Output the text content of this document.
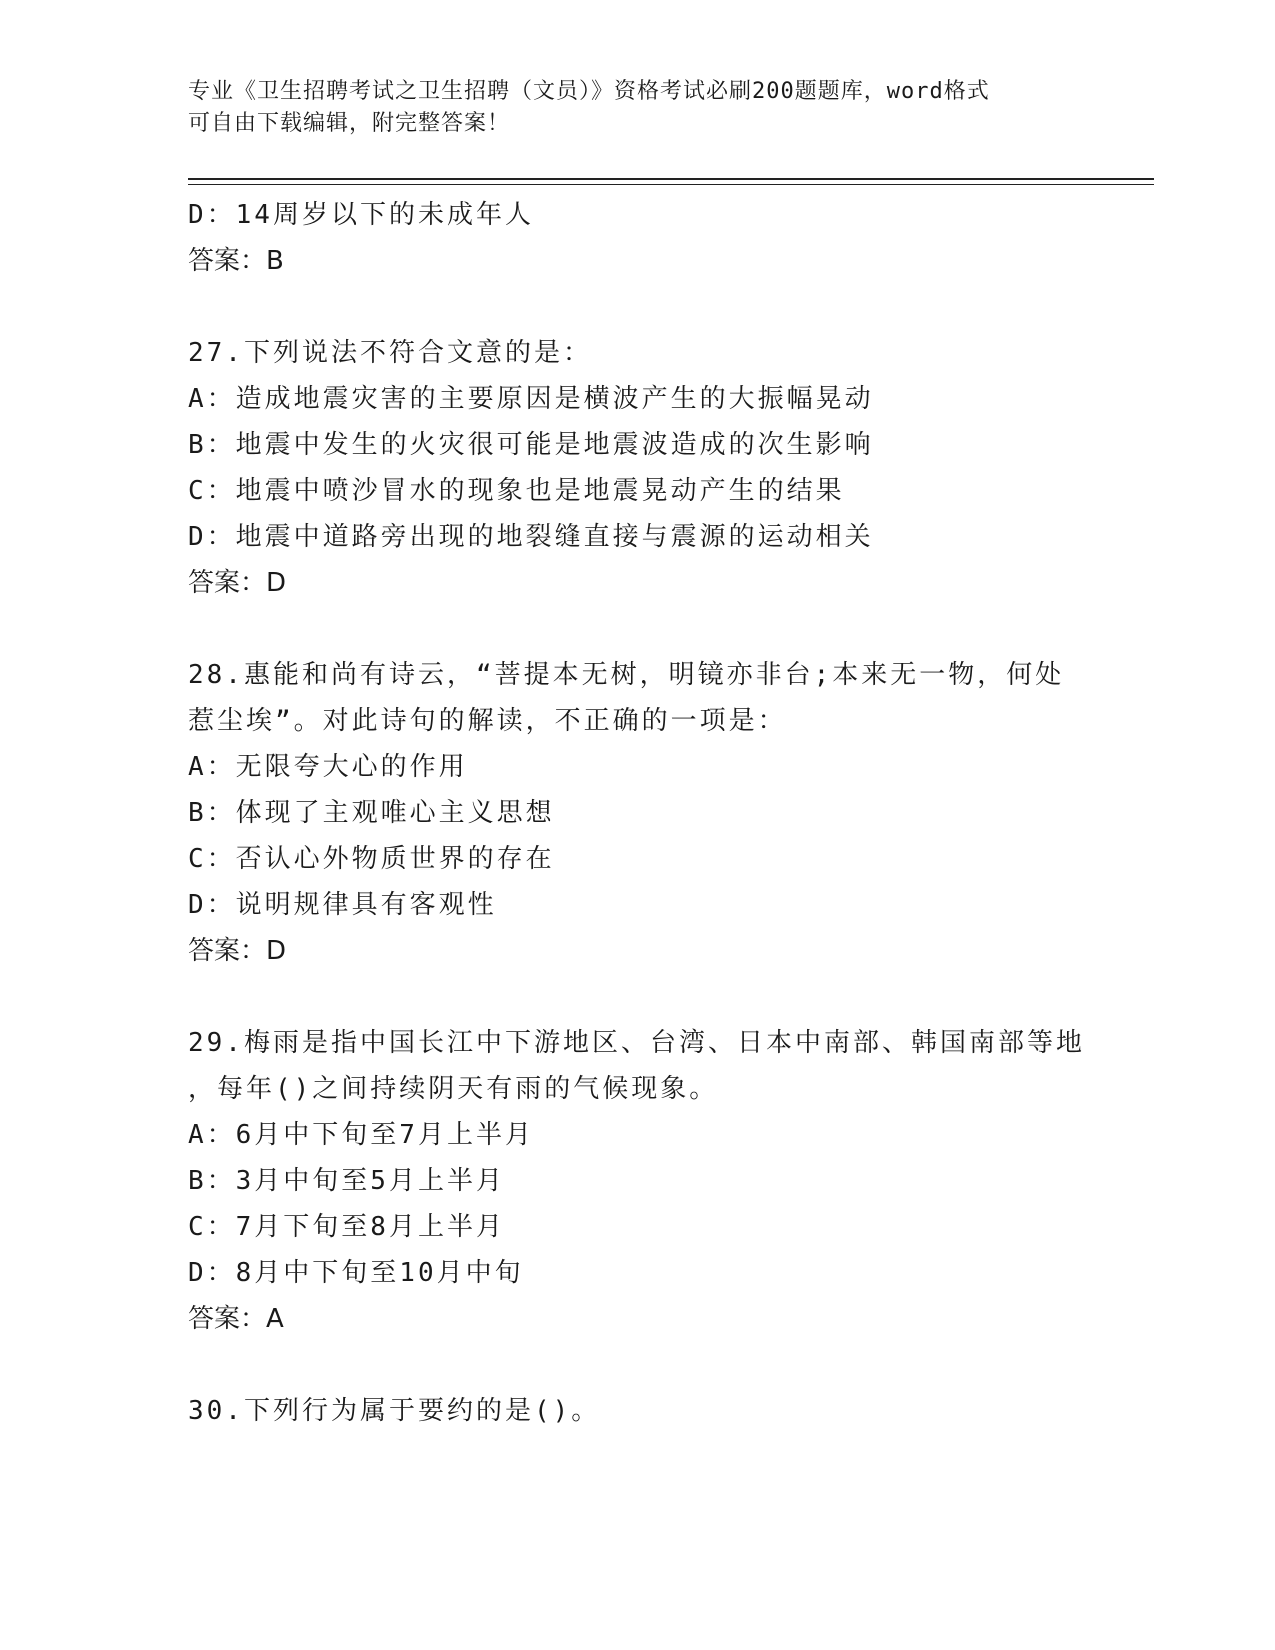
专业《卫生招聘考试之卫生招聘（文员）》资格考试必刷200题题库，word格式
可自由下载编辑，附完整答案！

D：14周岁以下的未成年人

答案：B

27.下列说法不符合文意的是：

A：造成地震灾害的主要原因是横波产生的大振幅晃动

B：地震中发生的火灾很可能是地震波造成的次生影响

C：地震中喷沙冒水的现象也是地震晃动产生的结果

D：地震中道路旁出现的地裂缝直接与震源的运动相关

答案：D

28.惠能和尚有诗云，“菩提本无树，明镜亦非台;本来无一物，何处

惹尘埃”。对此诗句的解读，不正确的一项是：

A：无限夸大心的作用

B：体现了主观唯心主义思想

C：否认心外物质世界的存在

D：说明规律具有客观性

答案：D

29.梅雨是指中国长江中下游地区、台湾、日本中南部、韩国南部等地

，每年()之间持续阴天有雨的气候现象。

A：6月中下旬至7月上半月

B：3月中旬至5月上半月

C：7月下旬至8月上半月

D：8月中下旬至10月中旬

答案：A

30.下列行为属于要约的是()。
